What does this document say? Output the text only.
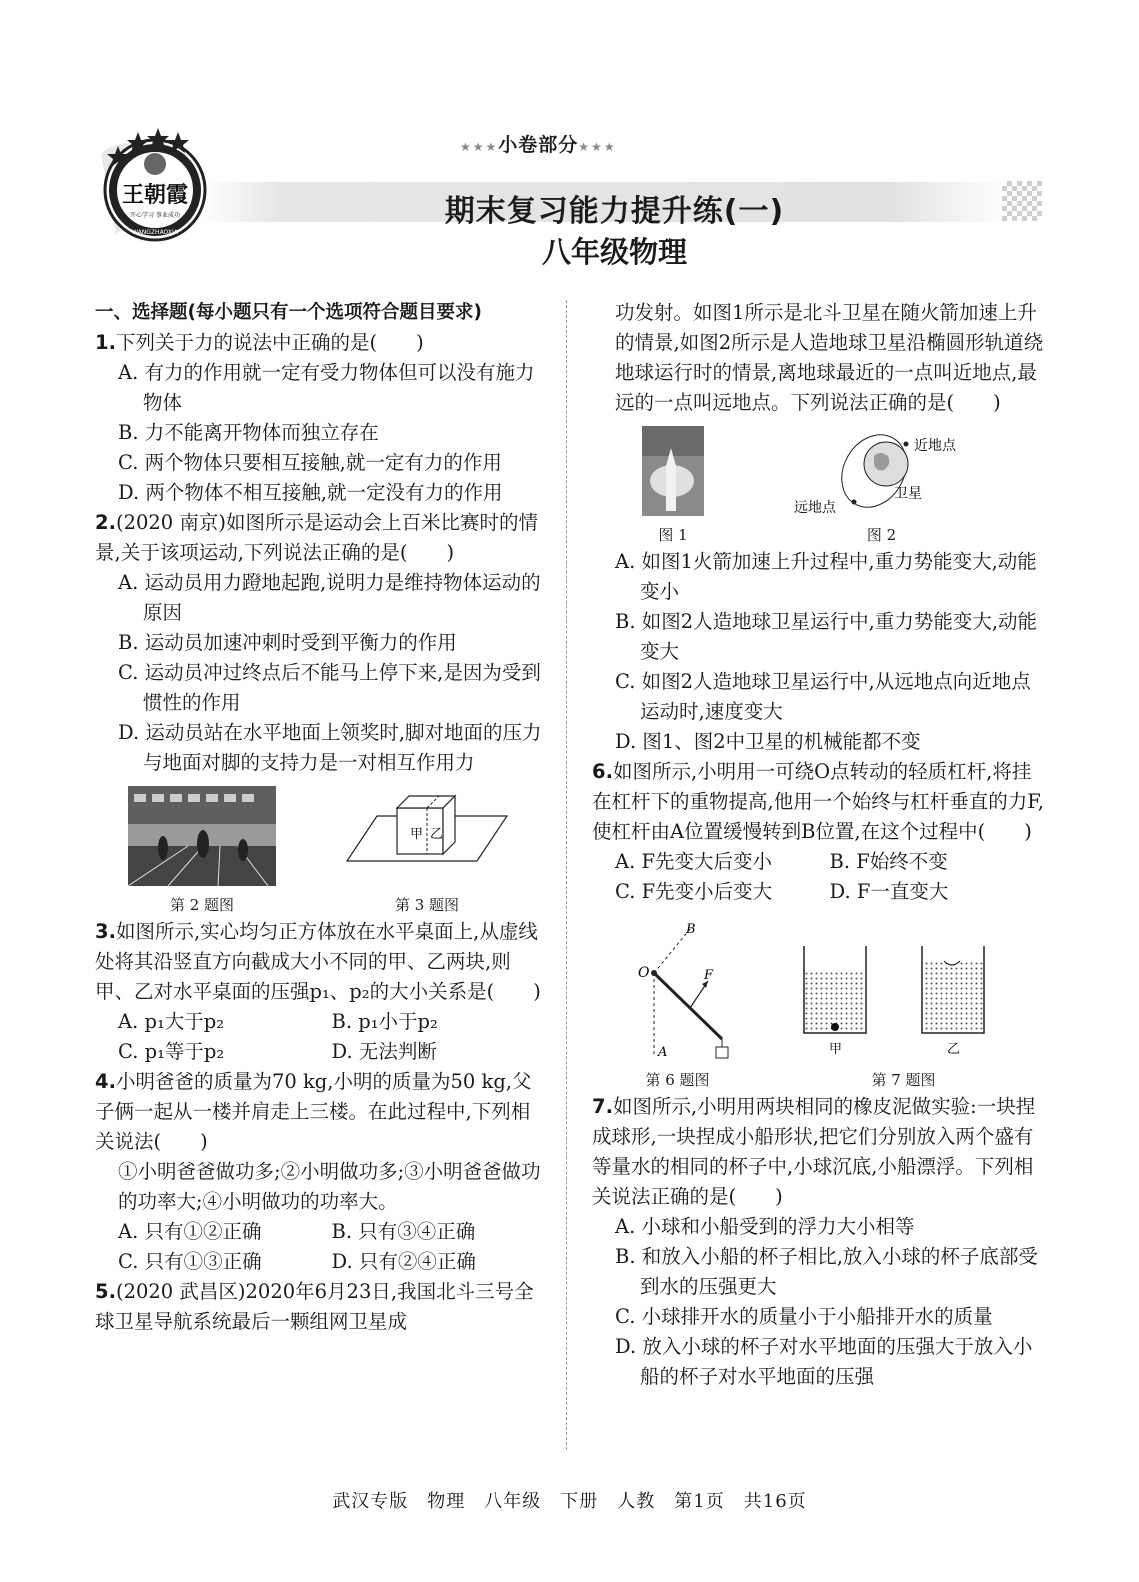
王朝霞
开心学习 事业成功
WANGZHAOXIA
★★★小卷部分★★★
期末复习能力提升练(一)
八年级物理
一、选择题(每小题只有一个选项符合题目要求)
1.下列关于力的说法中正确的是(　　)
A. 有力的作用就一定有受力物体但可以没有施力物体
B. 力不能离开物体而独立存在
C. 两个物体只要相互接触,就一定有力的作用
D. 两个物体不相互接触,就一定没有力的作用
2.(2020 南京)如图所示是运动会上百米比赛时的情景,关于该项运动,下列说法正确的是(　　)
A. 运动员用力蹬地起跑,说明力是维持物体运动的原因
B. 运动员加速冲刺时受到平衡力的作用
C. 运动员冲过终点后不能马上停下来,是因为受到惯性的作用
D. 运动员站在水平地面上领奖时,脚对地面的压力与地面对脚的支持力是一对相互作用力
第 2 题图
甲 乙
第 3 题图
3.如图所示,实心均匀正方体放在水平桌面上,从虚线处将其沿竖直方向截成大小不同的甲、乙两块,则甲、乙对水平桌面的压强p₁、p₂的大小关系是(　　)
A. p₁大于p₂	B. p₁小于p₂
C. p₁等于p₂	D. 无法判断
4.小明爸爸的质量为70 kg,小明的质量为50 kg,父子俩一起从一楼并肩走上三楼。在此过程中,下列相关说法(　　)
①小明爸爸做功多;②小明做功多;③小明爸爸做功的功率大;④小明做功的功率大。
A. 只有①②正确	B. 只有③④正确
C. 只有①③正确	D. 只有②④正确
5.(2020 武昌区)2020年6月23日,我国北斗三号全球卫星导航系统最后一颗组网卫星成
功发射。如图1所示是北斗卫星在随火箭加速上升的情景,如图2所示是人造地球卫星沿椭圆形轨道绕地球运行时的情景,离地球最近的一点叫近地点,最远的一点叫远地点。下列说法正确的是(　　)
图 1
近地点
远地点
卫星
图 2
A. 如图1火箭加速上升过程中,重力势能变大,动能变小
B. 如图2人造地球卫星运行中,重力势能变大,动能变大
C. 如图2人造地球卫星运行中,从远地点向近地点运动时,速度变大
D. 图1、图2中卫星的机械能都不变
6.如图所示,小明用一可绕O点转动的轻质杠杆,将挂在杠杆下的重物提高,他用一个始终与杠杆垂直的力F,使杠杆由A位置缓慢转到B位置,在这个过程中(　　)
A. F先变大后变小	B. F始终不变
C. F先变小后变大	D. F一直变大
O
A
B
F
第 6 题图
甲	乙
第 7 题图
7.如图所示,小明用两块相同的橡皮泥做实验:一块捏成球形,一块捏成小船形状,把它们分别放入两个盛有等量水的相同的杯子中,小球沉底,小船漂浮。下列相关说法正确的是(　　)
A. 小球和小船受到的浮力大小相等
B. 和放入小船的杯子相比,放入小球的杯子底部受到水的压强更大
C. 小球排开水的质量小于小船排开水的质量
D. 放入小球的杯子对水平地面的压强大于放入小船的杯子对水平地面的压强
武汉专版　物理　八年级　下册　人教　第1页　共16页
